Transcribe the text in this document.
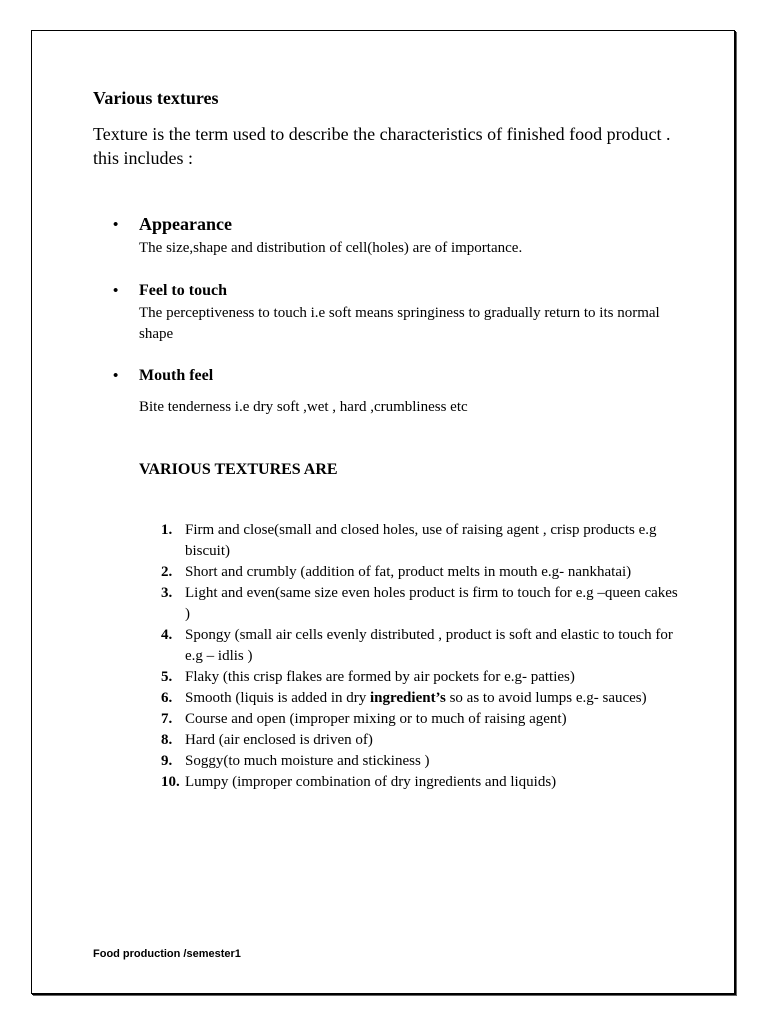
Various textures

Texture is the term used to describe the characteristics of finished food product . this includes :

• Appearance
The size,shape and distribution of cell(holes) are of importance.
• Feel to touch
The perceptiveness to touch i.e soft means springiness to gradually return to its normal shape
• Mouth feel
Bite tenderness i.e dry soft ,wet , hard ,crumbliness etc
VARIOUS TEXTURES ARE
1. Firm and close(small and closed holes, use of raising agent , crisp products e.g biscuit)
2. Short and crumbly (addition of fat, product melts in mouth e.g- nankhatai)
3. Light and even(same size even holes product is firm to touch for e.g –queen cakes )
4. Spongy (small air cells evenly distributed , product is soft and elastic to touch for e.g – idlis )
5. Flaky (this crisp flakes are formed by air pockets for e.g- patties)
6. Smooth (liquis is added in dry ingredient’s so as to avoid lumps e.g- sauces)
7. Course and open (improper mixing or to much of raising agent)
8. Hard (air enclosed is driven of)
9. Soggy(to much moisture and stickiness )
10. Lumpy (improper combination of dry ingredients and liquids)
Food production /semester1
